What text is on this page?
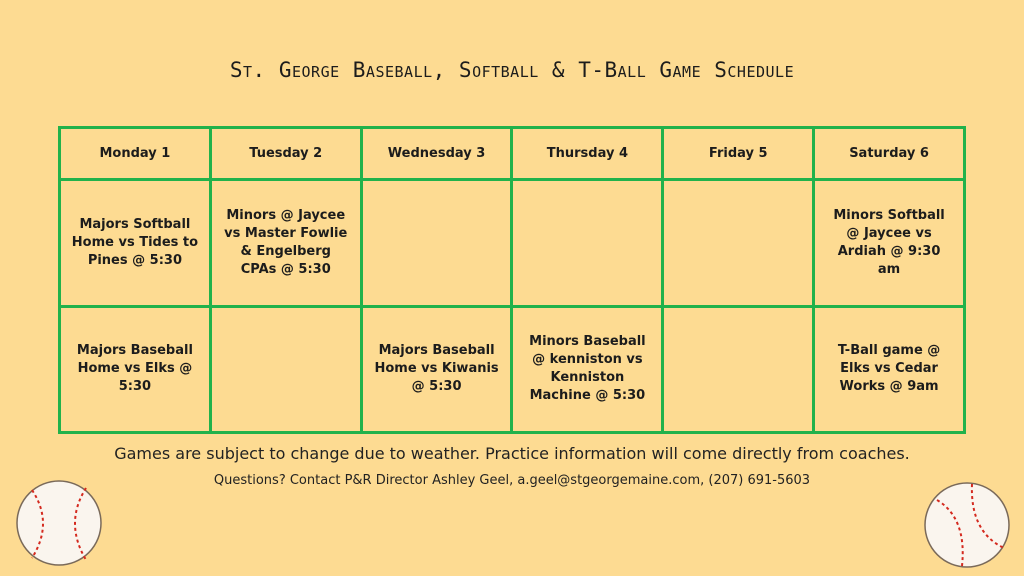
St. George Baseball, Softball & T-Ball Game Schedule
Monday 1	Tuesday 2	Wednesday 3	Thursday 4	Friday 5	Saturday 6
Majors Softball Home vs Tides to Pines @ 5:30	Minors @ Jaycee vs Master Fowlie & Engelberg CPAs @ 5:30				Minors Softball @ Jaycee vs Ardiah @ 9:30 am
Majors Baseball Home vs Elks @ 5:30		Majors Baseball Home vs Kiwanis @ 5:30	Minors Baseball @ kenniston vs Kenniston Machine @ 5:30		T-Ball game @ Elks vs Cedar Works @ 9am
Games are subject to change due to weather. Practice information will come directly from coaches.
Questions? Contact P&R Director Ashley Geel, a.geel@stgeorgemaine.com, (207) 691-5603
